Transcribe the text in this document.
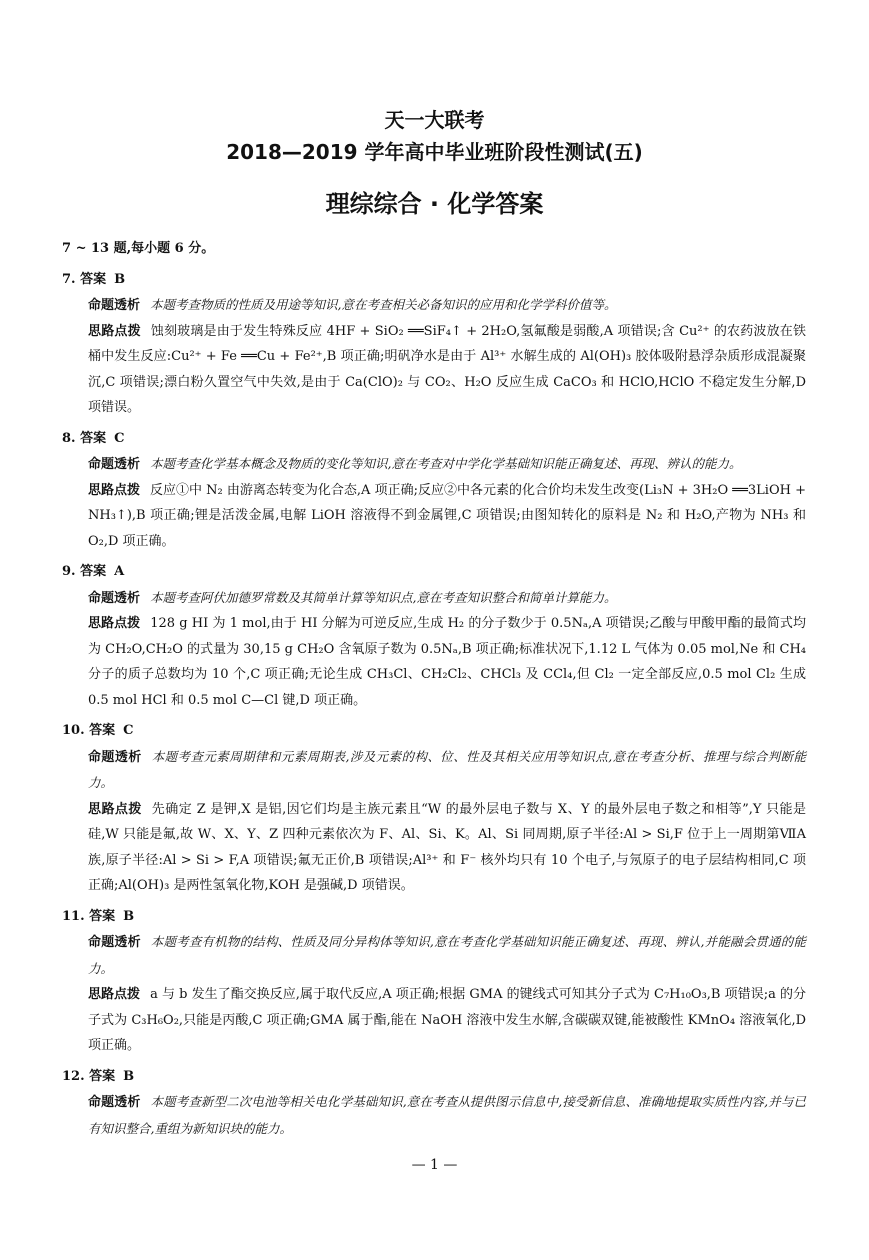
天一大联考
2018—2019 学年高中毕业班阶段性测试(五)
理综综合 · 化学答案
7 ~ 13 题,每小题 6 分。
7. 答案 B
命题透析 本题考查物质的性质及用途等知识,意在考查相关必备知识的应用和化学学科价值等。
思路点拨 蚀刻玻璃是由于发生特殊反应 4HF + SiO₂ ══SiF₄↑ + 2H₂O,氢氟酸是弱酸,A 项错误;含 Cu²⁺ 的农药波放在铁桶中发生反应:Cu²⁺ + Fe ══Cu + Fe²⁺,B 项正确;明矾净水是由于 Al³⁺ 水解生成的 Al(OH)₃ 胶体吸附悬浮杂质形成混凝聚沉,C 项错误;漂白粉久置空气中失效,是由于 Ca(ClO)₂ 与 CO₂、H₂O 反应生成 CaCO₃ 和 HClO,HClO 不稳定发生分解,D 项错误。
8. 答案 C
命题透析 本题考查化学基本概念及物质的变化等知识,意在考查对中学化学基础知识能正确复述、再现、辨认的能力。
思路点拨 反应①中 N₂ 由游离态转变为化合态,A 项正确;反应②中各元素的化合价均未发生改变(Li₃N + 3H₂O ══3LiOH + NH₃↑),B 项正确;锂是活泼金属,电解 LiOH 溶液得不到金属锂,C 项错误;由图知转化的原料是 N₂ 和 H₂O,产物为 NH₃ 和 O₂,D 项正确。
9. 答案 A
命题透析 本题考查阿伏加德罗常数及其简单计算等知识点,意在考查知识整合和简单计算能力。
思路点拨 128 g HI 为 1 mol,由于 HI 分解为可逆反应,生成 H₂ 的分子数少于 0.5Nₐ,A 项错误;乙酸与甲酸甲酯的最简式均为 CH₂O,CH₂O 的式量为 30,15 g CH₂O 含氧原子数为 0.5Nₐ,B 项正确;标准状况下,1.12 L 气体为 0.05 mol,Ne 和 CH₄ 分子的质子总数均为 10 个,C 项正确;无论生成 CH₃Cl、CH₂Cl₂、CHCl₃ 及 CCl₄,但 Cl₂ 一定全部反应,0.5 mol Cl₂ 生成 0.5 mol HCl 和 0.5 mol C—Cl 键,D 项正确。
10. 答案 C
命题透析 本题考查元素周期律和元素周期表,涉及元素的构、位、性及其相关应用等知识点,意在考查分析、推理与综合判断能力。
思路点拨 先确定 Z 是钾,X 是铝,因它们均是主族元素且“W 的最外层电子数与 X、Y 的最外层电子数之和相等”,Y 只能是硅,W 只能是氟,故 W、X、Y、Z 四种元素依次为 F、Al、Si、K。Al、Si 同周期,原子半径:Al > Si,F 位于上一周期第ⅦA 族,原子半径:Al > Si > F,A 项错误;氟无正价,B 项错误;Al³⁺ 和 F⁻ 核外均只有 10 个电子,与氖原子的电子层结构相同,C 项正确;Al(OH)₃ 是两性氢氧化物,KOH 是强碱,D 项错误。
11. 答案 B
命题透析 本题考查有机物的结构、性质及同分异构体等知识,意在考查化学基础知识能正确复述、再现、辨认,并能融会贯通的能力。
思路点拨 a 与 b 发生了酯交换反应,属于取代反应,A 项正确;根据 GMA 的键线式可知其分子式为 C₇H₁₀O₃,B 项错误;a 的分子式为 C₃H₆O₂,只能是丙酸,C 项正确;GMA 属于酯,能在 NaOH 溶液中发生水解,含碳碳双键,能被酸性 KMnO₄ 溶液氧化,D 项正确。
12. 答案 B
命题透析 本题考查新型二次电池等相关电化学基础知识,意在考查从提供图示信息中,接受新信息、准确地提取实质性内容,并与已有知识整合,重组为新知识块的能力。
— 1 —
